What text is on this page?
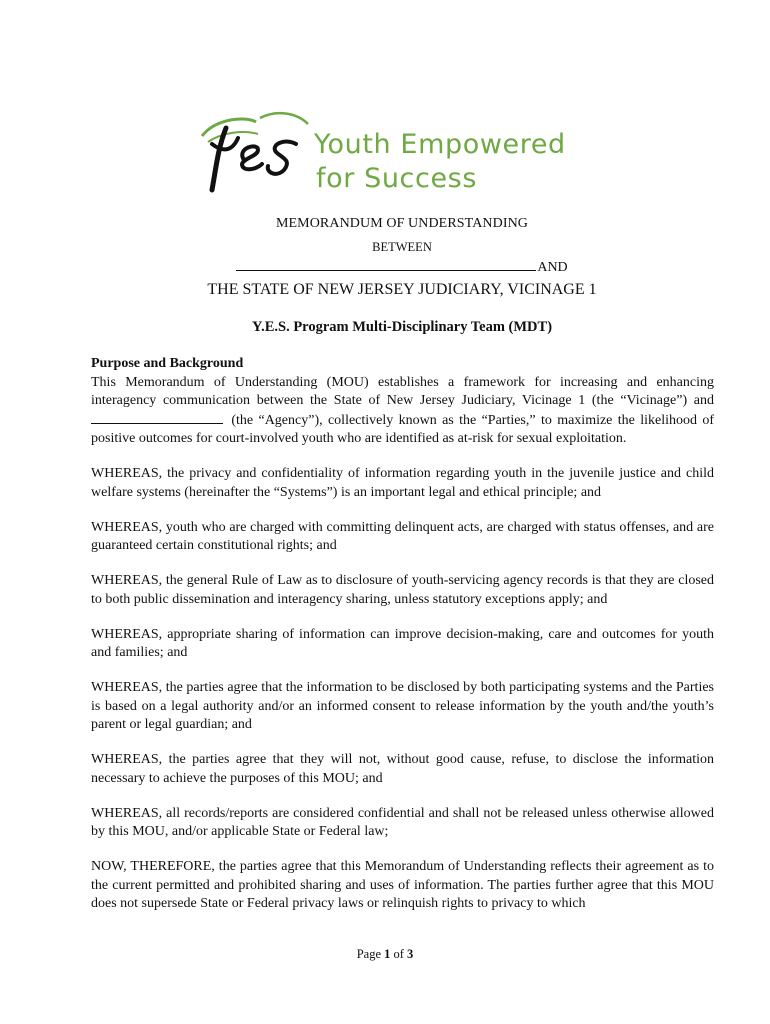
Youth Empowered
for Success
MEMORANDUM OF UNDERSTANDING
BETWEEN
AND
THE STATE OF NEW JERSEY JUDICIARY, VICINAGE 1
Y.E.S. Program Multi-Disciplinary Team (MDT)

Purpose and Background
This Memorandum of Understanding (MOU) establishes a framework for increasing and enhancing interagency communication between the State of New Jersey Judiciary, Vicinage 1 (the “Vicinage”) and  (the “Agency”), collectively known as the “Parties,” to maximize the likelihood of positive outcomes for court-involved youth who are identified as at-risk for sexual exploitation.

WHEREAS, the privacy and confidentiality of information regarding youth in the juvenile justice and child welfare systems (hereinafter the “Systems”) is an important legal and ethical principle; and

WHEREAS, youth who are charged with committing delinquent acts, are charged with status offenses, and are guaranteed certain constitutional rights; and

WHEREAS, the general Rule of Law as to disclosure of youth-servicing agency records is that they are closed to both public dissemination and interagency sharing, unless statutory exceptions apply; and

WHEREAS, appropriate sharing of information can improve decision-making, care and outcomes for youth and families; and

WHEREAS, the parties agree that the information to be disclosed by both participating systems and the Parties is based on a legal authority and/or an informed consent to release information by the youth and/the youth’s parent or legal guardian; and

WHEREAS, the parties agree that they will not, without good cause, refuse, to disclose the information necessary to achieve the purposes of this MOU; and

WHEREAS, all records/reports are considered confidential and shall not be released unless otherwise allowed by this MOU, and/or applicable State or Federal law;

NOW, THEREFORE, the parties agree that this Memorandum of Understanding reflects their agreement as to the current permitted and prohibited sharing and uses of information. The parties further agree that this MOU does not supersede State or Federal privacy laws or relinquish rights to privacy to which

Page 1 of 3
